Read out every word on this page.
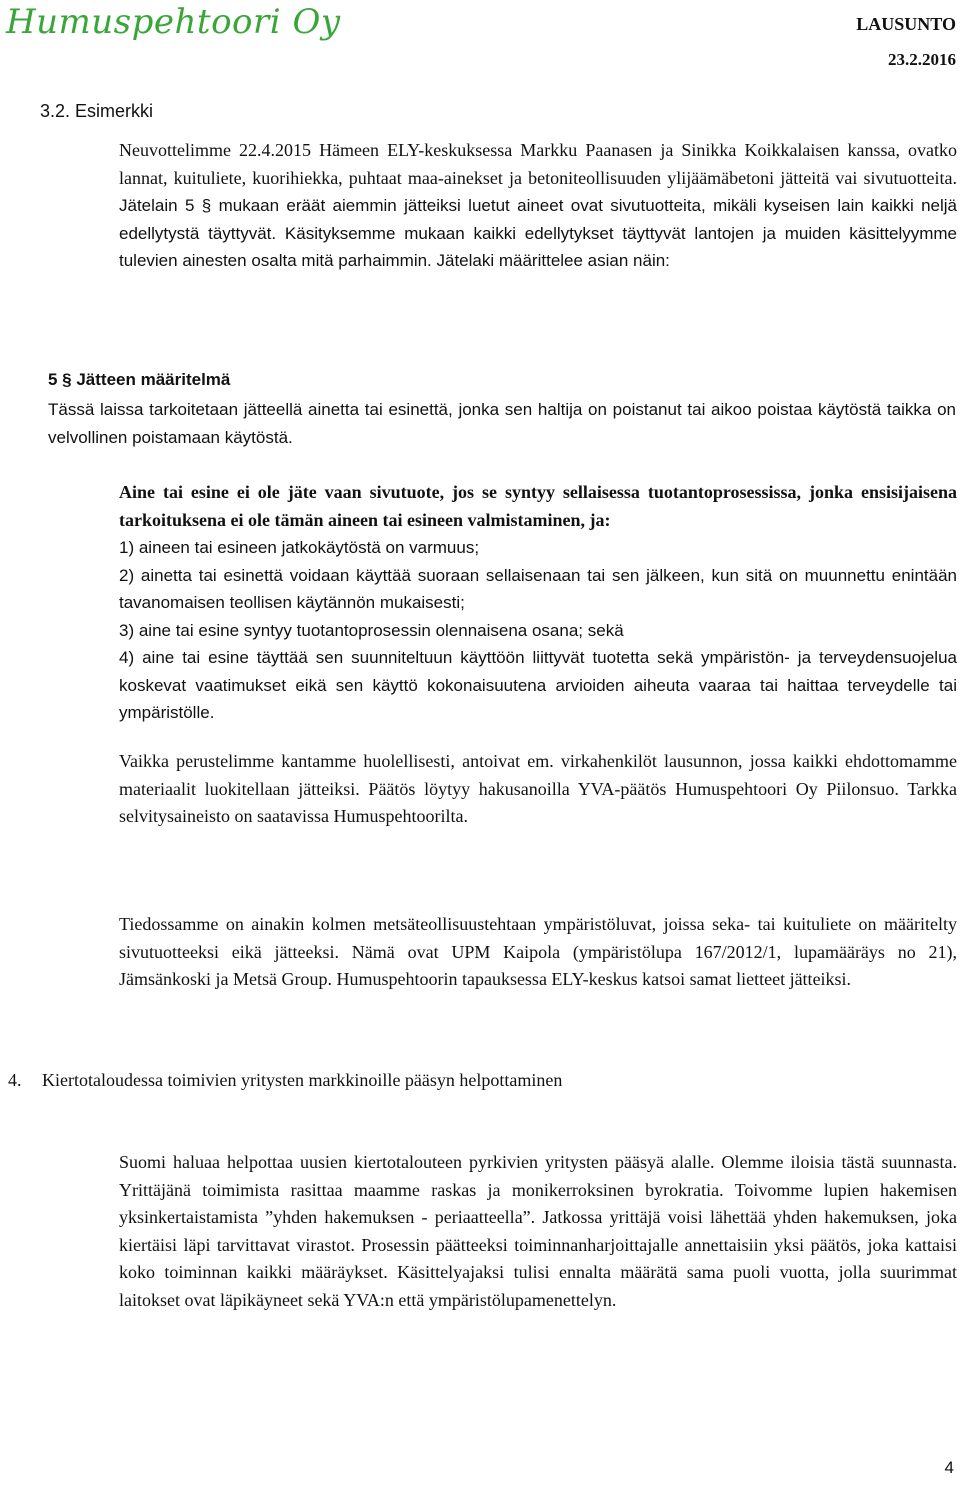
Humuspehtoori Oy	LAUSUNTO
23.2.2016
3.2. Esimerkki
Neuvottelimme 22.4.2015 Hämeen ELY-keskuksessa Markku Paanasen ja Sinikka Koikkalaisen kanssa, ovatko lannat, kuituliete, kuorihiekka, puhtaat maa-ainekset ja betoniteollisuuden ylijäämäbetoni jätteitä vai sivutuotteita. Jätelain 5 § mukaan eräät aiemmin jätteiksi luetut aineet ovat sivutuotteita, mikäli kyseisen lain kaikki neljä edellytystä täyttyvät. Käsityksemme mukaan kaikki edellytykset täyttyvät lantojen ja muiden käsittelyymme tulevien ainesten osalta mitä parhaimmin. Jätelaki määrittelee asian näin:
5 § Jätteen määritelmä
Tässä laissa tarkoitetaan jätteellä ainetta tai esinettä, jonka sen haltija on poistanut tai aikoo poistaa käytöstä taikka on velvollinen poistamaan käytöstä.

Aine tai esine ei ole jäte vaan sivutuote, jos se syntyy sellaisessa tuotantoprosessissa, jonka ensisijaisena tarkoituksena ei ole tämän aineen tai esineen valmistaminen, ja:

1) aineen tai esineen jatkokäytöstä on varmuus;

2) ainetta tai esinettä voidaan käyttää suoraan sellaisenaan tai sen jälkeen, kun sitä on muunnettu enintään tavanomaisen teollisen käytännön mukaisesti;

3) aine tai esine syntyy tuotantoprosessin olennaisena osana; sekä

4) aine tai esine täyttää sen suunniteltuun käyttöön liittyvät tuotetta sekä ympäristön- ja terveydensuojelua koskevat vaatimukset eikä sen käyttö kokonaisuutena arvioiden aiheuta vaaraa tai haittaa terveydelle tai ympäristölle.

Vaikka perustelimme kantamme huolellisesti, antoivat em. virkahenkilöt lausunnon, jossa kaikki ehdottomamme materiaalit luokitellaan jätteiksi. Päätös löytyy hakusanoilla YVA-päätös Humuspehtoori Oy Piilonsuo. Tarkka selvitysaineisto on saatavissa Humuspehtoorilta.
Tiedossamme on ainakin kolmen metsäteollisuustehtaan ympäristöluvat, joissa seka- tai kuituliete on määritelty sivutuotteeksi eikä jätteeksi. Nämä ovat UPM Kaipola (ympäristölupa 167/2012/1, lupamääräys no 21), Jämsänkoski ja Metsä Group. Humuspehtoorin tapauksessa ELY-keskus katsoi samat lietteet jätteiksi.
4. Kiertotaloudessa toimivien yritysten markkinoille pääsyn helpottaminen
Suomi haluaa helpottaa uusien kiertotalouteen pyrkivien yritysten pääsyä alalle. Olemme iloisia tästä suunnasta. Yrittäjänä toimimista rasittaa maamme raskas ja monikerroksinen byrokratia. Toivomme lupien hakemisen yksinkertaistamista ”yhden hakemuksen - periaatteella”. Jatkossa yrittäjä voisi lähettää yhden hakemuksen, joka kiertäisi läpi tarvittavat virastot. Prosessin päätteeksi toiminnanharjoittajalle annettaisiin yksi päätös, joka kattaisi koko toiminnan kaikki määräykset. Käsittelyajaksi tulisi ennalta määrätä sama puoli vuotta, jolla suurimmat laitokset ovat läpikäyneet sekä YVA:n että ympäristölupamenettelyn.
4
